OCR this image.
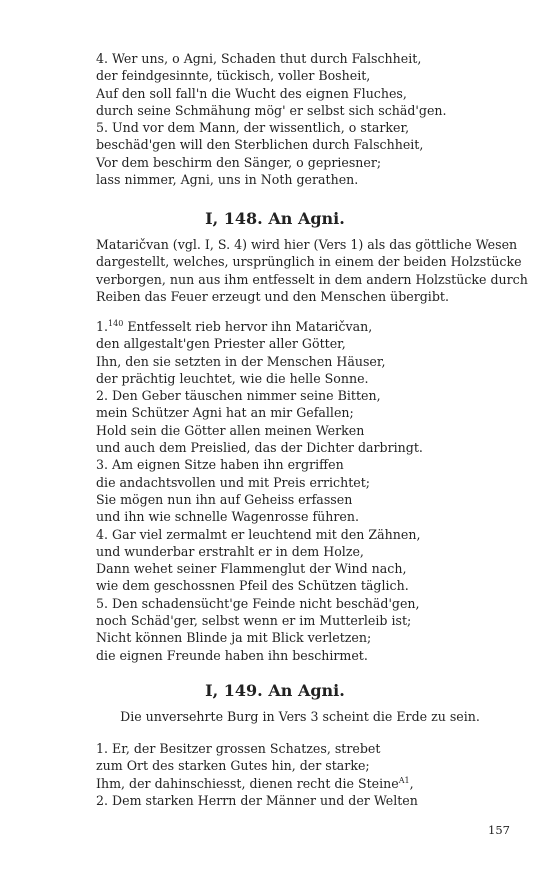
4. Wer uns, o Agni, Schaden thut durch Falschheit,
der feindgesinnte, tückisch, voller Bosheit,
Auf den soll fall'n die Wucht des eignen Fluches,
durch seine Schmähung mög' er selbst sich schäd'gen.
5. Und vor dem Mann, der wissentlich, o starker,
beschäd'gen will den Sterblichen durch Falschheit,
Vor dem beschirm den Sänger, o gepriesner;
lass nimmer, Agni, uns in Noth gerathen.
I, 148. An Agni.
Mataričvan (vgl. I, S. 4) wird hier (Vers 1) als das göttliche Wesen
dargestellt, welches, ursprünglich in einem der beiden Holzstücke
verborgen, nun aus ihm entfesselt in dem andern Holzstücke durch
Reiben das Feuer erzeugt und den Menschen übergibt.
1.$^{140}$ Entfesselt rieb hervor ihn Mataričvan,
den allgestalt'gen Priester aller Götter,
Ihn, den sie setzten in der Menschen Häuser,
der prächtig leuchtet, wie die helle Sonne.
2. Den Geber täuschen nimmer seine Bitten,
mein Schützer Agni hat an mir Gefallen;
Hold sein die Götter allen meinen Werken
und auch dem Preislied, das der Dichter darbringt.
3. Am eignen Sitze haben ihn ergriffen
die andachtsvollen und mit Preis errichtet;
Sie mögen nun ihn auf Geheiss erfassen
und ihn wie schnelle Wagenrosse führen.
4. Gar viel zermalmt er leuchtend mit den Zähnen,
und wunderbar erstrahlt er in dem Holze,
Dann wehet seiner Flammenglut der Wind nach,
wie dem geschossnen Pfeil des Schützen täglich.
5. Den schadensücht'ge Feinde nicht beschäd'gen,
noch Schäd'ger, selbst wenn er im Mutterleib ist;
Nicht können Blinde ja mit Blick verletzen;
die eignen Freunde haben ihn beschirmet.
I, 149. An Agni.
Die unversehrte Burg in Vers 3 scheint die Erde zu sein.
1. Er, der Besitzer grossen Schatzes, strebet
zum Ort des starken Gutes hin, der starke;
Ihm, der dahinschiesst, dienen recht die Steine$^{A1}$,
2. Dem starken Herrn der Männer und der Welten
157
